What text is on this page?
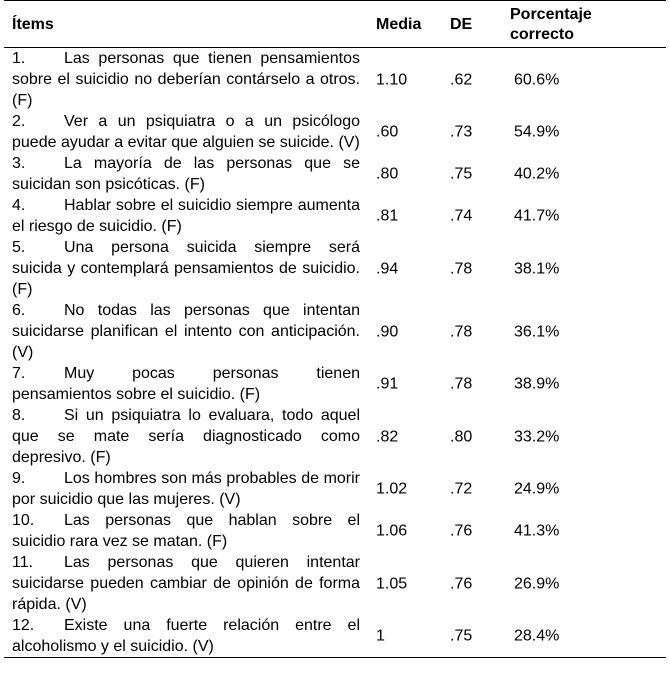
Ítems	Media DE
Porcentaje
correcto
1. Las personas que tienen pensamientos sobre el suicidio no deberían contárselo a otros. (F)
1.10	.62	60.6%
2. Ver a un psiquiatra o a un psicólogo puede ayudar a evitar que alguien se suicide. (V)
.60	.73	54.9%
3. La mayoría de las personas que se suicidan son psicóticas. (F)
.80	.75	40.2%
4. Hablar sobre el suicidio siempre aumenta el riesgo de suicidio. (F)
.81	.74	41.7%
5. Una persona suicida siempre será suicida y contemplará pensamientos de suicidio. (F)
.94	.78	38.1%
6. No todas las personas que intentan suicidarse planifican el intento con anticipación. (V)
.90	.78	36.1%
7. Muy pocas personas tienen pensamientos sobre el suicidio. (F)
.91	.78	38.9%
8. Si un psiquiatra lo evaluara, todo aquel que se mate sería diagnosticado como depresivo. (F)
.82	.80	33.2%
9. Los hombres son más probables de morir por suicidio que las mujeres. (V)
1.02	.72	24.9%
10. Las personas que hablan sobre el suicidio rara vez se matan. (F)
1.06	.76	41.3%
11. Las personas que quieren intentar suicidarse pueden cambiar de opinión de forma rápida. (V)
1.05	.76	26.9%
12. Existe una fuerte relación entre el alcoholismo y el suicidio. (V)
1	.75	28.4%
